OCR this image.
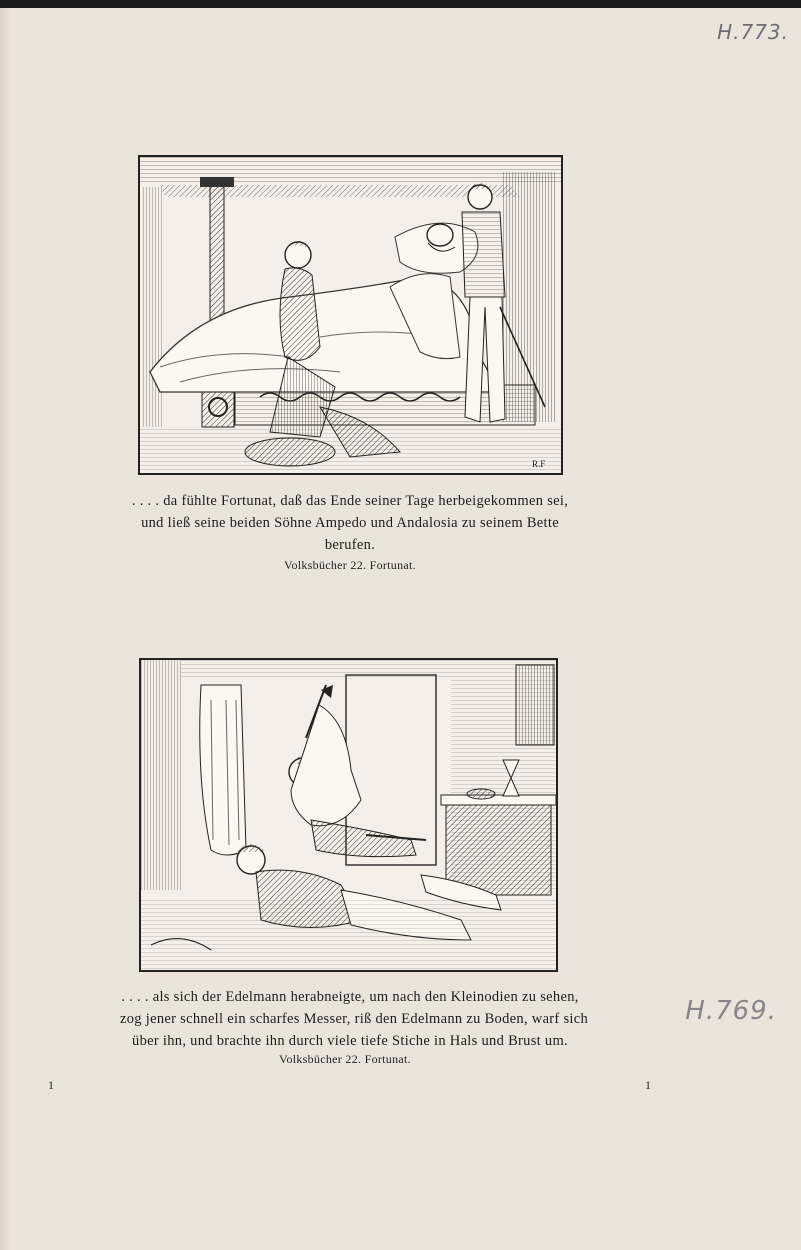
H.773.
R.F
. . . . da fühlte Fortunat, daß das Ende seiner Tage herbeigekommen sei,
und ließ seine beiden Söhne Ampedo und Andalosia zu seinem Bette
berufen.
Volksbücher 22. Fortunat.
. . . . als sich der Edelmann herabneigte, um nach den Kleinodien zu sehen,
zog jener schnell ein scharfes Messer, riß den Edelmann zu Boden, warf sich
über ihn, und brachte ihn durch viele tiefe Stiche in Hals und Brust um.
Volksbücher 22. Fortunat.
1	1
H.769.
